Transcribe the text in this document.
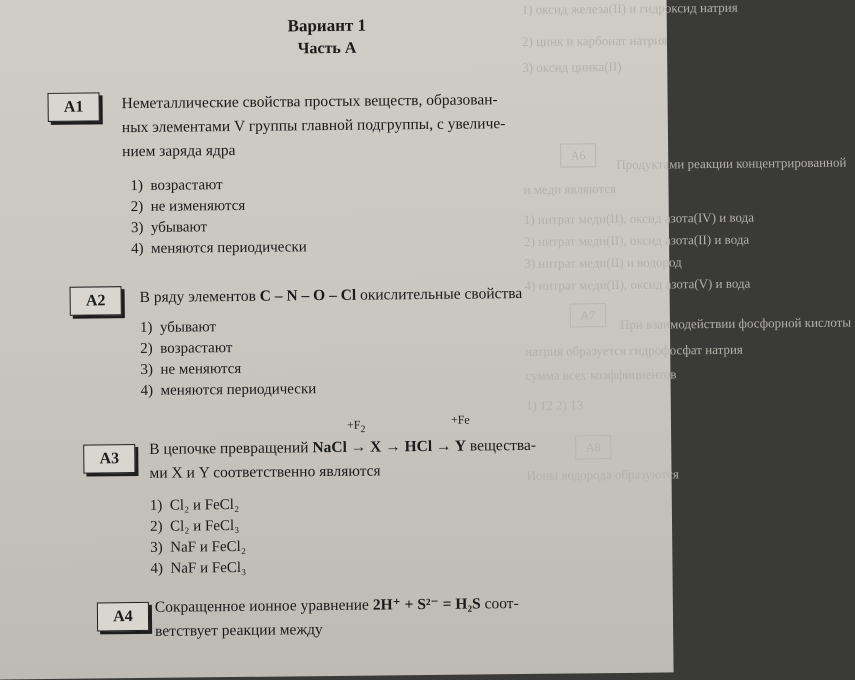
1) оксид железа(II) и гидроксид натрия
2) цинк и карбонат натрия
3) оксид цинка(II)
А6	Продуктами реакции концентрированной
и меди являются
1) нитрат меди(II), оксид азота(IV) и вода
2) нитрат меди(II), оксид азота(II) и вода
3) нитрат меди(II) и водород
4) нитрат меди(II), оксид азота(V) и вода
А7	При взаимодействии фосфорной кислоты
натрия образуется гидрофосфат натрия
сумма всех коэффициентов
1) 12 2) 13
А8
Ионы водорода образуются
Вариант 1
Часть А
A1	Неметаллические свойства простых веществ, образован-
ных элементами V группы главной подгруппы, с увеличе-
нием заряда ядра
1) возрастают
2) не изменяются
3) убывают
4) меняются периодически
A2	В ряду элементов C – N – O – Cl окислительные свойства
1) убывают
2) возрастают
3) не меняются
4) меняются периодически
$+F_2$
+Fe
A3
В цепочке превращений NaCl → X → HCl → Y вещества-
ми X и Y соответственно являются
1) Cl₂ и FeCl₂
2) Cl₂ и FeCl₃
3) NaF и FeCl₂
4) NaF и FeCl₃
A4
Сокращенное ионное уравнение 2H⁺ + S²⁻ = H₂S соот-
ветствует реакции между
